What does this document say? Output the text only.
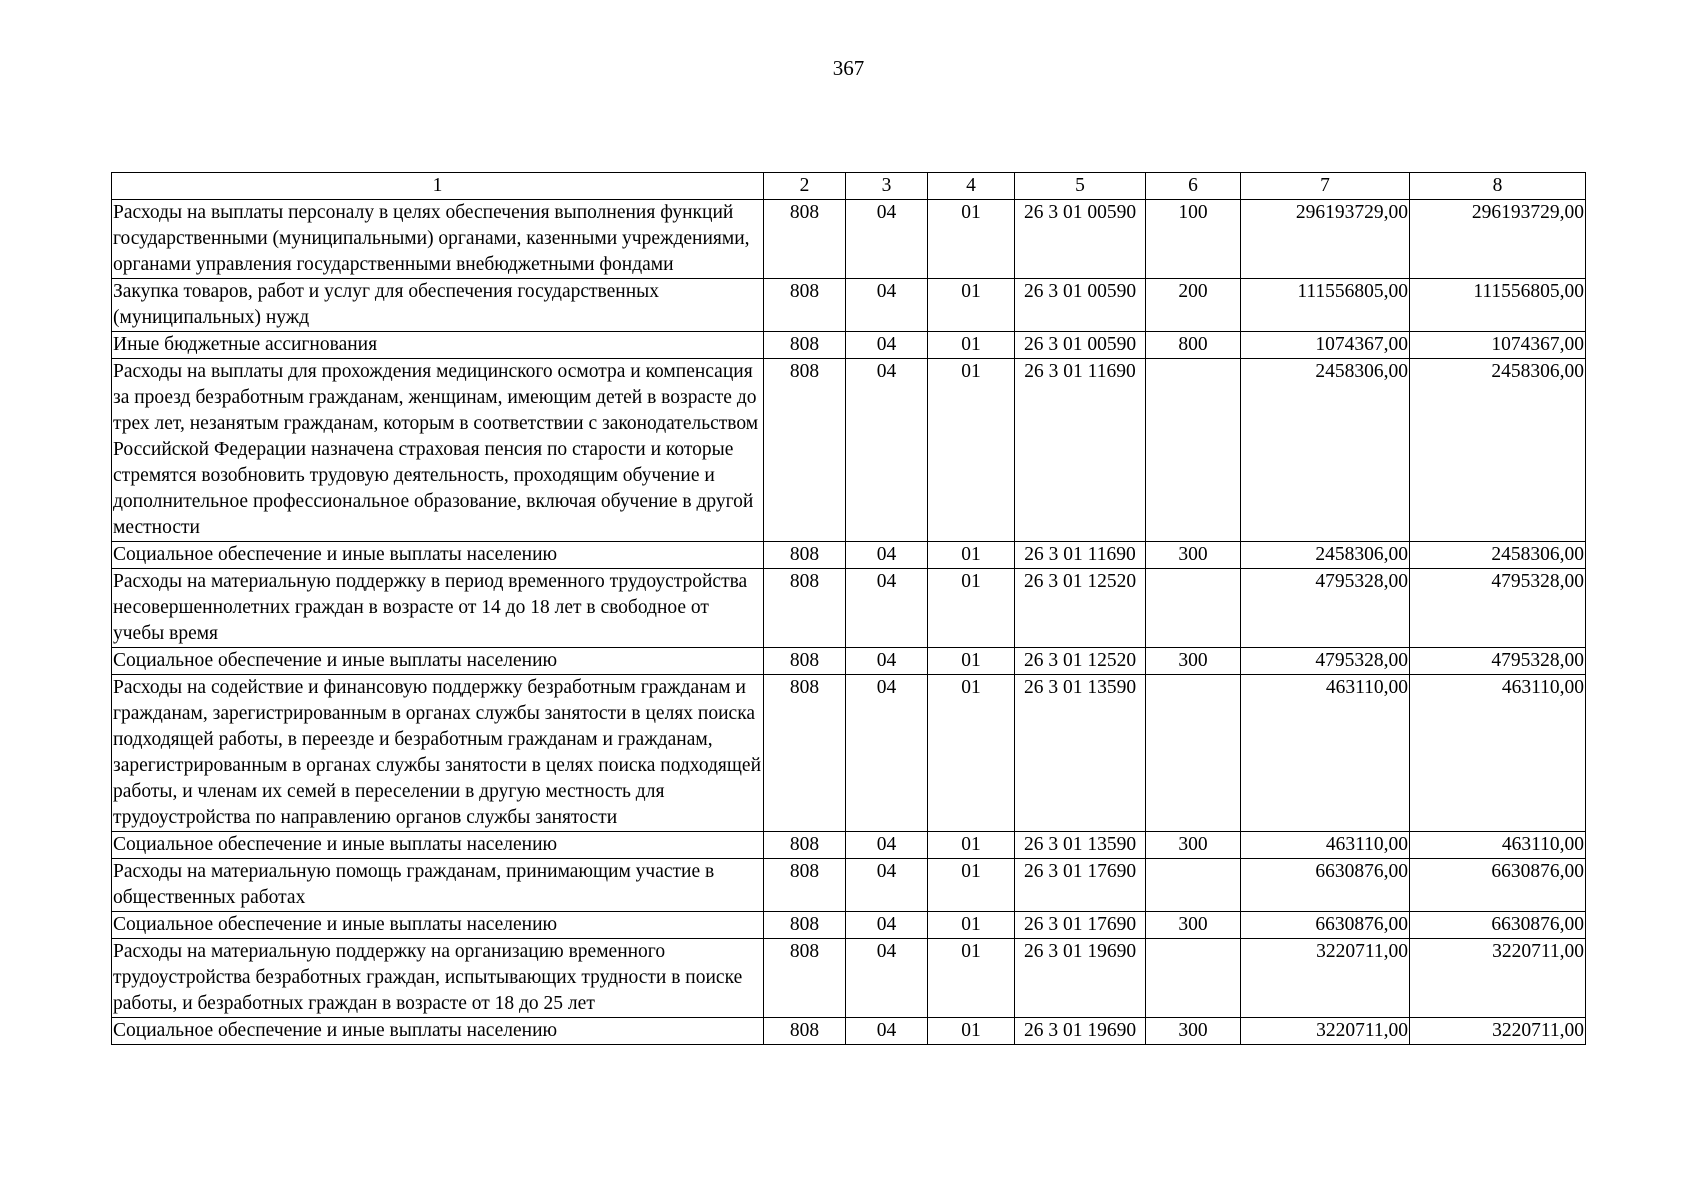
367
1	2	3	4	5	6	7	8
Расходы на выплаты персоналу в целях обеспечения выполнения функций государственными (муниципальными) органами, казенными учреждениями, органами управления государственными внебюджетными фондами	808	04	01	26 3 01 00590	100	296193729,00	296193729,00
Закупка товаров, работ и услуг для обеспечения государственных (муниципальных) нужд	808	04	01	26 3 01 00590	200	111556805,00	111556805,00
Иные бюджетные ассигнования	808	04	01	26 3 01 00590	800	1074367,00	1074367,00
Расходы на выплаты для прохождения медицинского осмотра и компенсация за проезд безработным гражданам, женщинам, имеющим детей в возрасте до трех лет, незанятым гражданам, которым в соответствии с законодательством Российской Федерации назначена страховая пенсия по старости и которые стремятся возобновить трудовую деятельность, проходящим обучение и дополнительное профессиональное образование, включая обучение в другой местности	808	04	01	26 3 01 11690		2458306,00	2458306,00
Социальное обеспечение и иные выплаты населению	808	04	01	26 3 01 11690	300	2458306,00	2458306,00
Расходы на материальную поддержку в период временного трудоустройства несовершеннолетних граждан в возрасте от 14 до 18 лет в свободное от учебы время	808	04	01	26 3 01 12520		4795328,00	4795328,00
Социальное обеспечение и иные выплаты населению	808	04	01	26 3 01 12520	300	4795328,00	4795328,00
Расходы на содействие и финансовую поддержку безработным гражданам и гражданам, зарегистрированным в органах службы занятости в целях поиска подходящей работы, в переезде и безработным гражданам и гражданам, зарегистрированным в органах службы занятости в целях поиска подходящей работы, и членам их семей в переселении в другую местность для трудоустройства по направлению органов службы занятости	808	04	01	26 3 01 13590		463110,00	463110,00
Социальное обеспечение и иные выплаты населению	808	04	01	26 3 01 13590	300	463110,00	463110,00
Расходы на материальную помощь гражданам, принимающим участие в общественных работах	808	04	01	26 3 01 17690		6630876,00	6630876,00
Социальное обеспечение и иные выплаты населению	808	04	01	26 3 01 17690	300	6630876,00	6630876,00
Расходы на материальную поддержку на организацию временного трудоустройства безработных граждан, испытывающих трудности в поиске работы, и безработных граждан в возрасте от 18 до 25 лет	808	04	01	26 3 01 19690		3220711,00	3220711,00
Социальное обеспечение и иные выплаты населению	808	04	01	26 3 01 19690	300	3220711,00	3220711,00
